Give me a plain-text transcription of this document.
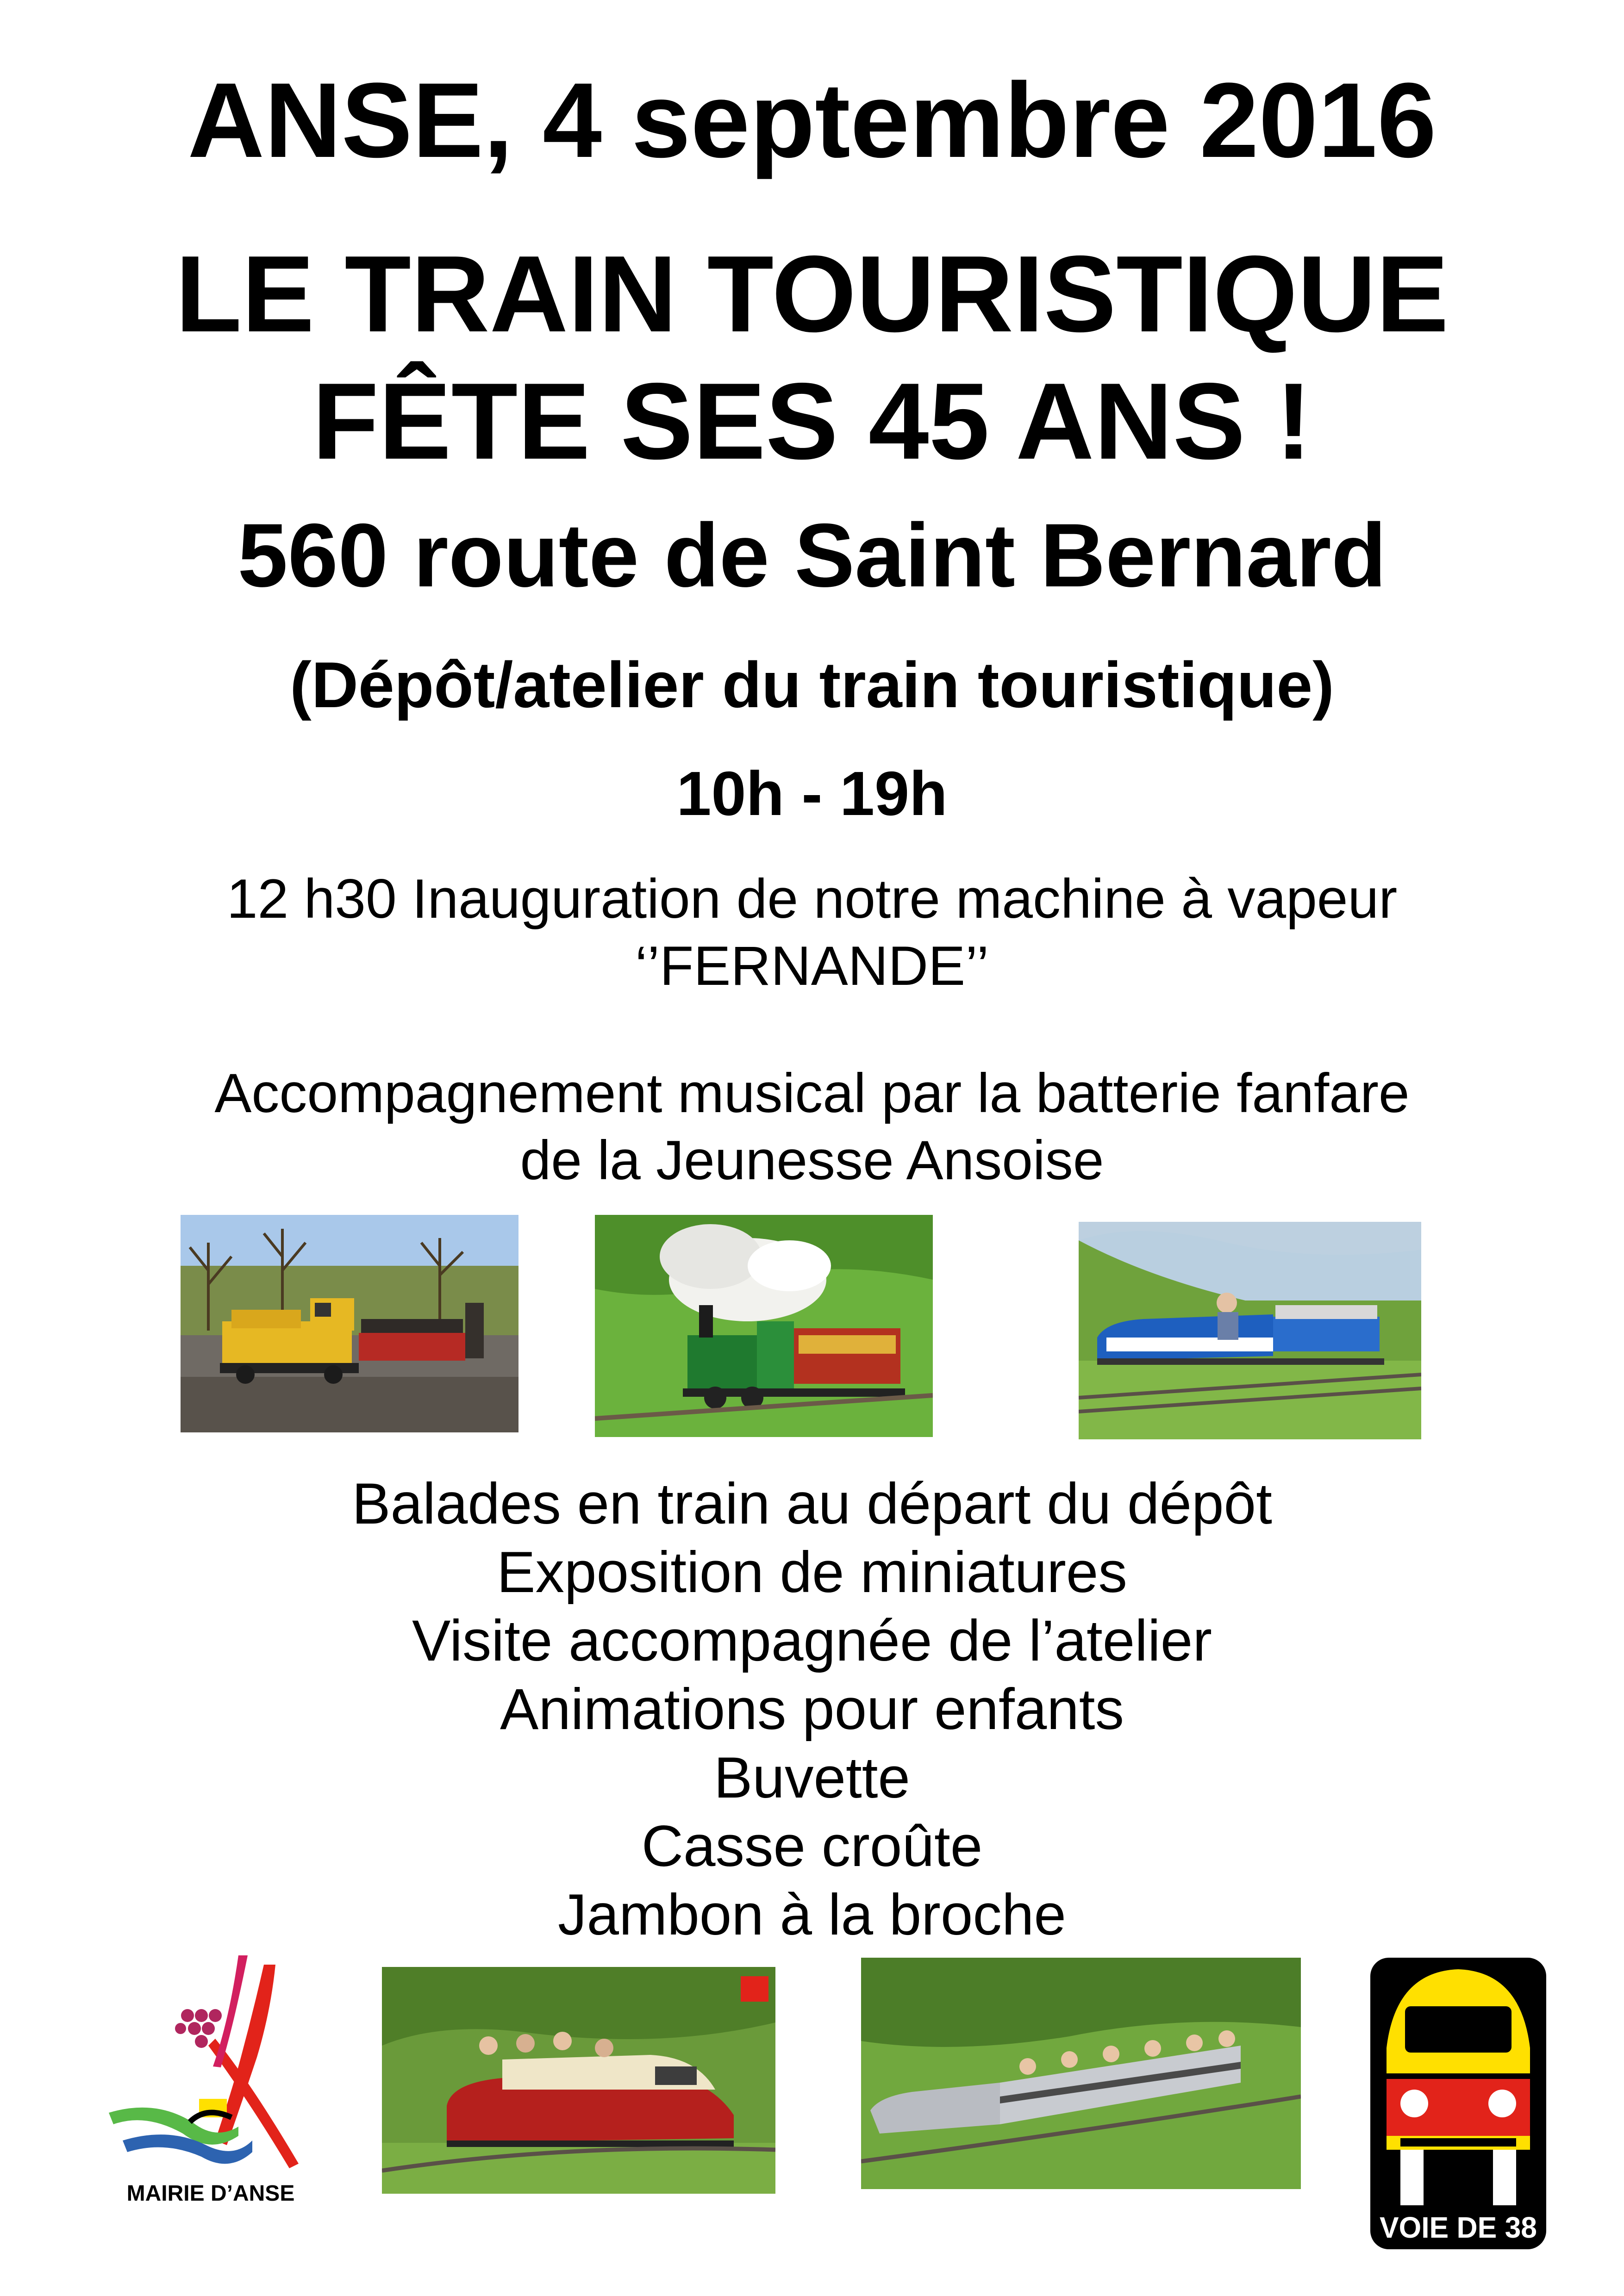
ANSE, 4 septembre 2016
LE TRAIN TOURISTIQUE
FÊTE SES 45 ANS !
560 route de Saint Bernard
(Dépôt/atelier du train touristique)
10h - 19h
12 h30 Inauguration de notre machine à vapeur
‘’FERNANDE’’
Accompagnement musical par la batterie fanfare
de la Jeunesse Ansoise
Balades en train au départ du dépôt
Exposition de miniatures
Visite accompagnée de l’atelier
Animations pour enfants
Buvette
Casse croûte
Jambon à la broche
MAIRIE D’ANSE
VOIE DE 38
